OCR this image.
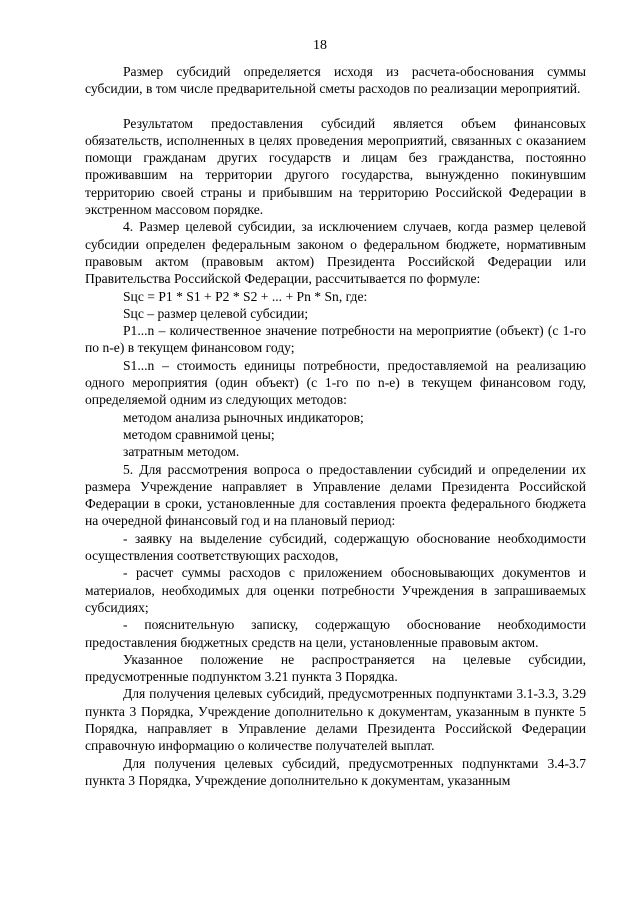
18

Размер субсидий определяется исходя из расчета-обоснования суммы субсидии, в том числе предварительной сметы расходов по реализации мероприятий.

Результатом предоставления субсидий является объем финансовых обязательств, исполненных в целях проведения мероприятий, связанных с оказанием помощи гражданам других государств и лицам без гражданства, постоянно проживавшим на территории другого государства, вынужденно покинувшим территорию своей страны и прибывшим на территорию Российской Федерации в экстренном массовом порядке.

4. Размер целевой субсидии, за исключением случаев, когда размер целевой субсидии определен федеральным законом о федеральном бюджете, нормативным правовым актом (правовым актом) Президента Российской Федерации или Правительства Российской Федерации, рассчитывается по формуле:

Sцс = P1 * S1 + P2 * S2 + ... + Pn * Sn, где:

Sцс – размер целевой субсидии;

P1...n – количественное значение потребности на мероприятие (объект) (с 1-го по n-е) в текущем финансовом году;

S1...n – стоимость единицы потребности, предоставляемой на реализацию одного мероприятия (один объект) (с 1-го по n-е) в текущем финансовом году, определяемой одним из следующих методов:

методом анализа рыночных индикаторов;

методом сравнимой цены;

затратным методом.

5. Для рассмотрения вопроса о предоставлении субсидий и определении их размера Учреждение направляет в Управление делами Президента Российской Федерации в сроки, установленные для составления проекта федерального бюджета на очередной финансовый год и на плановый период:

- заявку на выделение субсидий, содержащую обоснование необходимости осуществления соответствующих расходов,

- расчет суммы расходов с приложением обосновывающих документов и материалов, необходимых для оценки потребности Учреждения в запрашиваемых субсидиях;

- пояснительную записку, содержащую обоснование необходимости предоставления бюджетных средств на цели, установленные правовым актом.

Указанное положение не распространяется на целевые субсидии, предусмотренные подпунктом 3.21 пункта 3 Порядка.

Для получения целевых субсидий, предусмотренных подпунктами 3.1-3.3, 3.29 пункта 3 Порядка, Учреждение дополнительно к документам, указанным в пункте 5 Порядка, направляет в Управление делами Президента Российской Федерации справочную информацию о количестве получателей выплат.

Для получения целевых субсидий, предусмотренных подпунктами 3.4-3.7 пункта 3 Порядка, Учреждение дополнительно к документам, указанным
